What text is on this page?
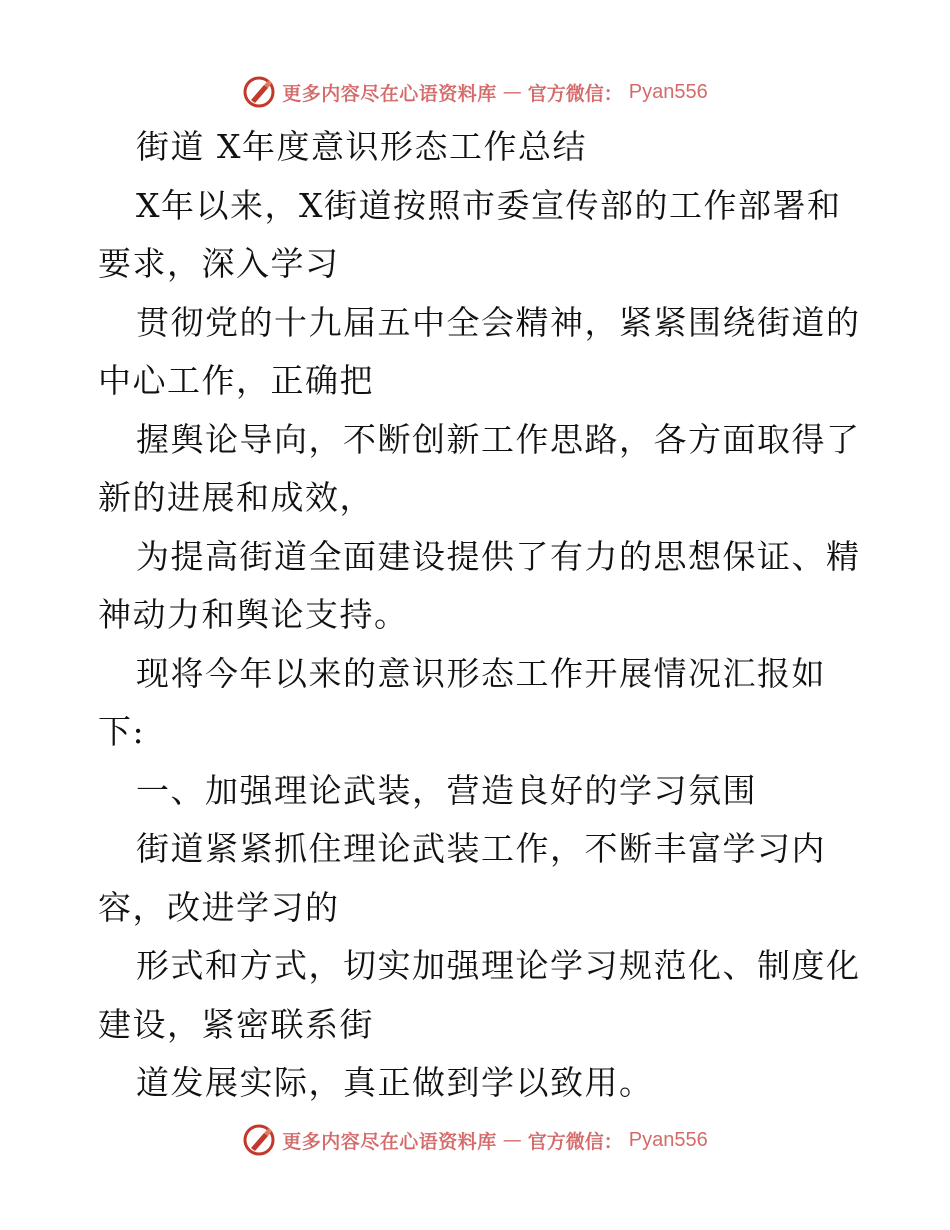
更多内容尽在心语资料库 — 官方微信： Pyan556
街道 X年度意识形态工作总结
X年以来，X街道按照市委宣传部的工作部署和
要求，深入学习
贯彻党的十九届五中全会精神，紧紧围绕街道的
中心工作，正确把
握舆论导向，不断创新工作思路，各方面取得了
新的进展和成效，
为提高街道全面建设提供了有力的思想保证、精
神动力和舆论支持。
现将今年以来的意识形态工作开展情况汇报如
下:
一、加强理论武装，营造良好的学习氛围
街道紧紧抓住理论武装工作，不断丰富学习内
容，改进学习的
形式和方式，切实加强理论学习规范化、制度化
建设，紧密联系街
道发展实际，真正做到学以致用。
更多内容尽在心语资料库 — 官方微信： Pyan556
